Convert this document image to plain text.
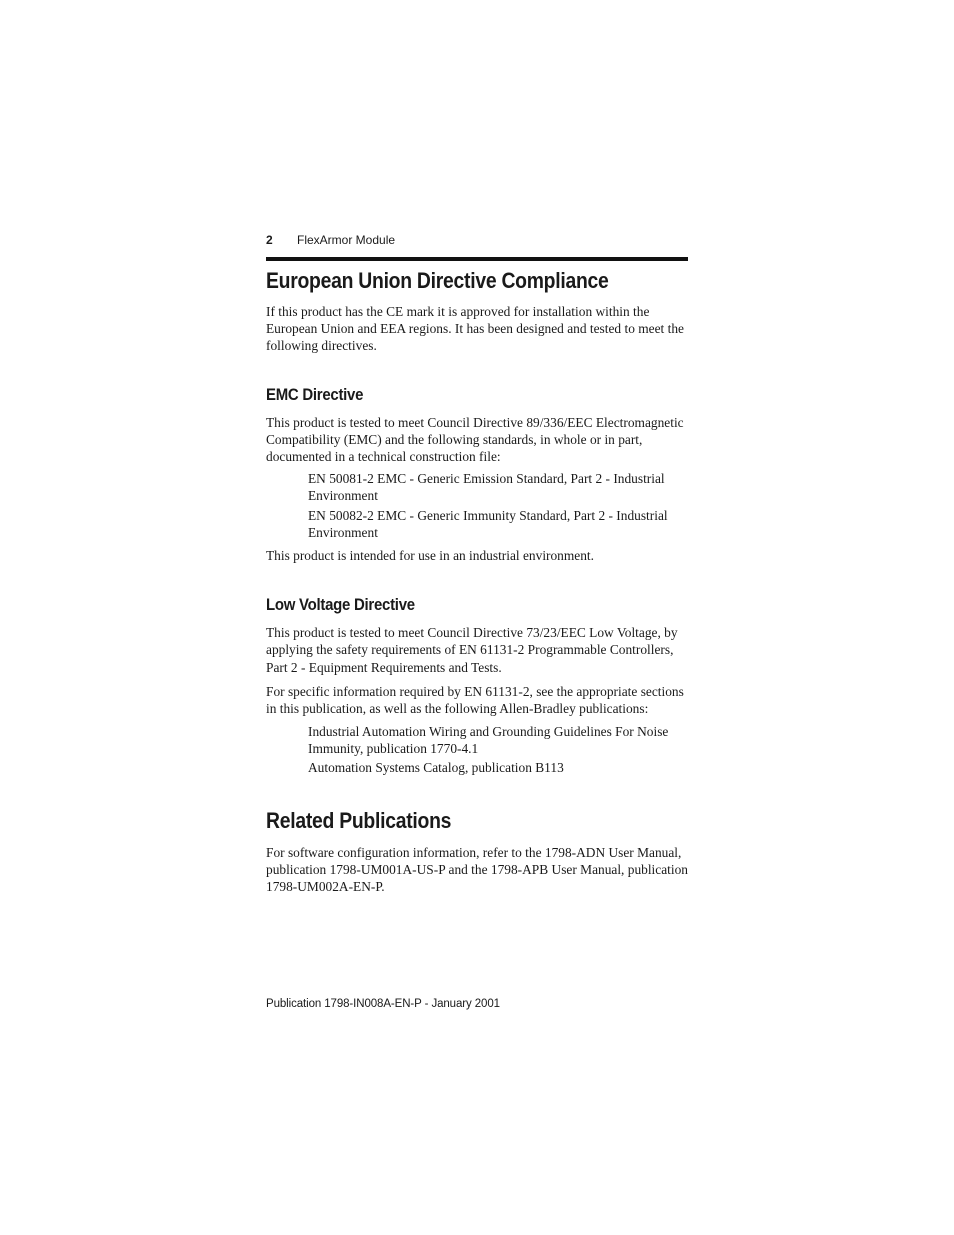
2 FlexArmor Module
European Union Directive Compliance

If this product has the CE mark it is approved for installation within the European Union and EEA regions. It has been designed and tested to meet the following directives.

EMC Directive

This product is tested to meet Council Directive 89/336/EEC Electromagnetic Compatibility (EMC) and the following standards, in whole or in part, documented in a technical construction file:

EN 50081-2 EMC - Generic Emission Standard, Part 2 - Industrial Environment

EN 50082-2 EMC - Generic Immunity Standard, Part 2 - Industrial Environment

This product is intended for use in an industrial environment.

Low Voltage Directive

This product is tested to meet Council Directive 73/23/EEC Low Voltage, by applying the safety requirements of EN 61131-2 Programmable Controllers, Part 2 - Equipment Requirements and Tests.

For specific information required by EN 61131-2, see the appropriate sections in this publication, as well as the following Allen-Bradley publications:

Industrial Automation Wiring and Grounding Guidelines For Noise Immunity, publication 1770-4.1

Automation Systems Catalog, publication B113

Related Publications

For software configuration information, refer to the 1798-ADN User Manual, publication 1798-UM001A-US-P and the 1798-APB User Manual, publication 1798-UM002A-EN-P.

Publication 1798-IN008A-EN-P - January 2001
